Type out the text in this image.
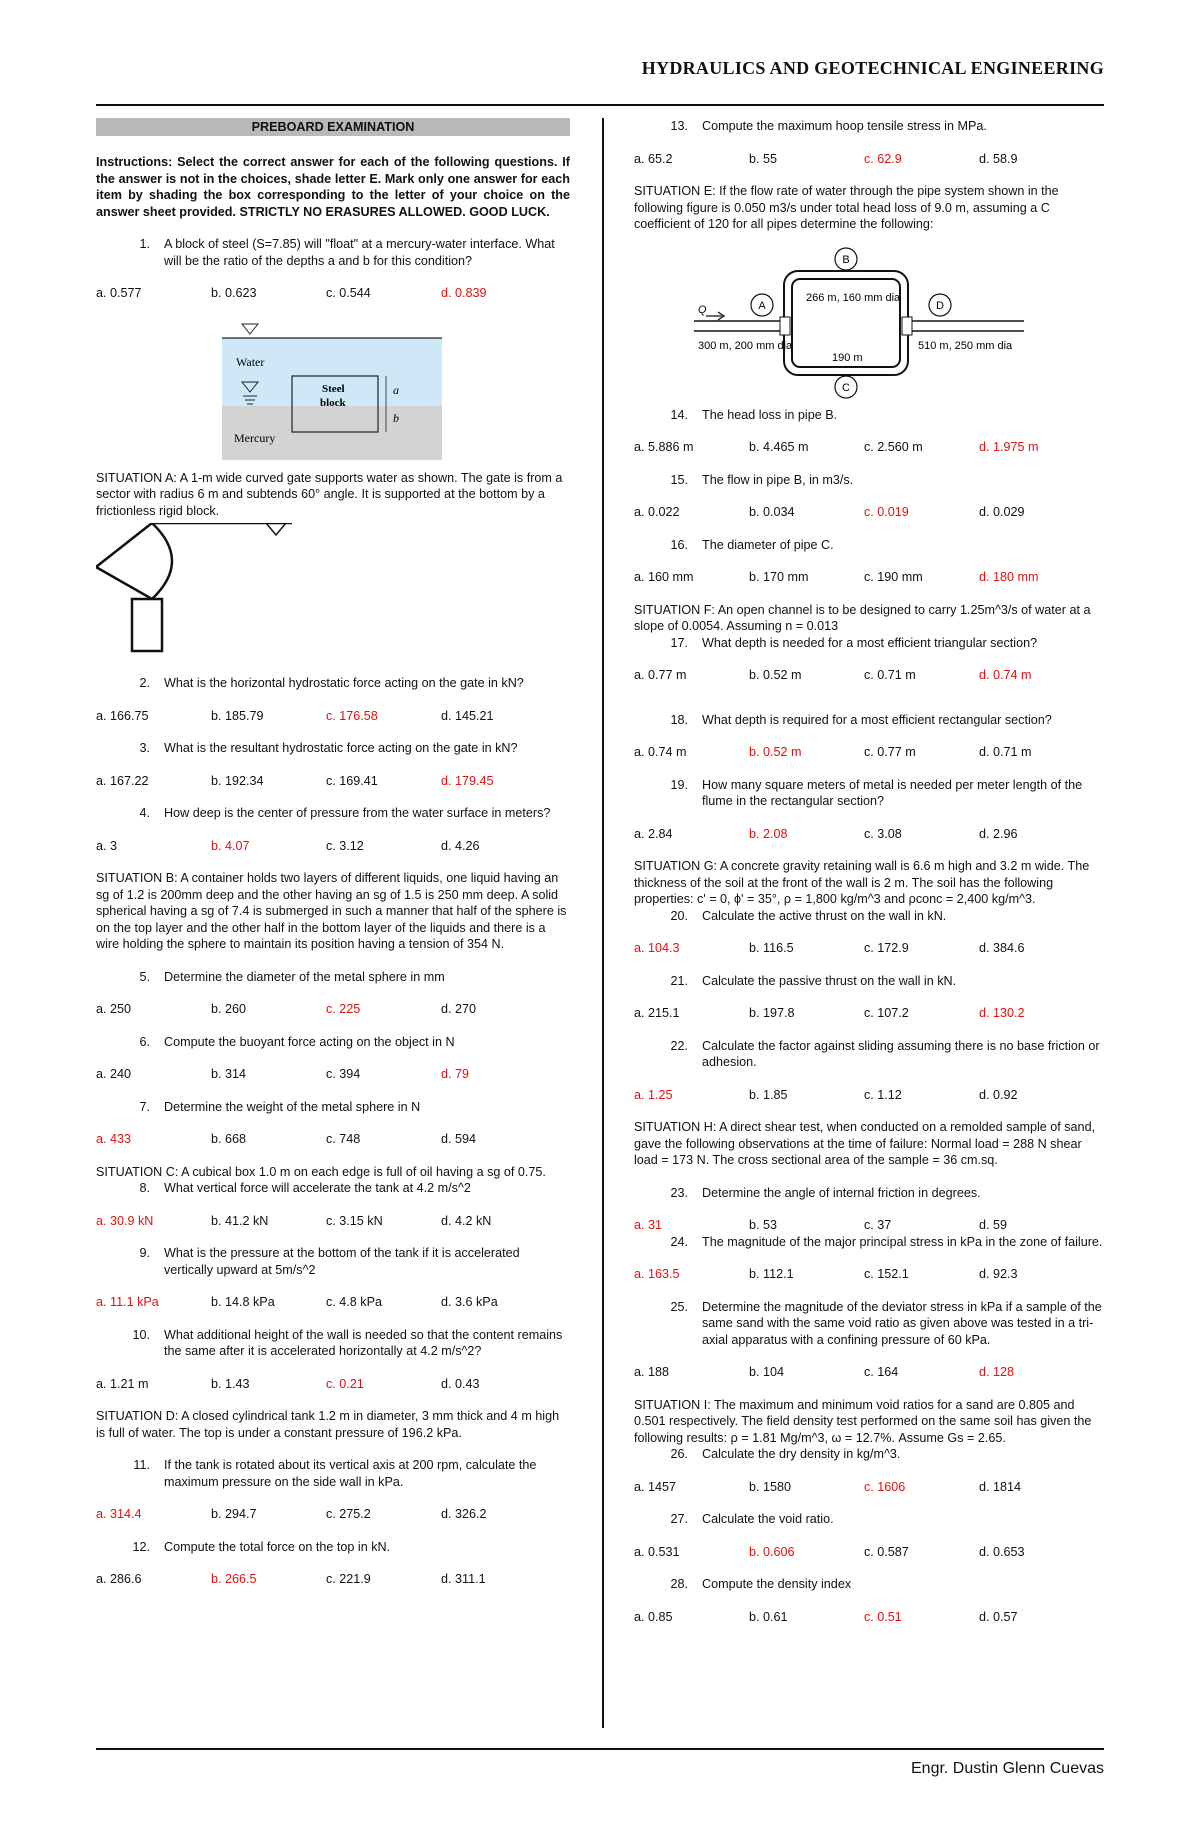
HYDRAULICS AND GEOTECHNICAL ENGINEERING
PREBOARD EXAMINATION

Instructions: Select the correct answer for each of the following questions. If the answer is not in the choices, shade letter E. Mark only one answer for each item by shading the box corresponding to the letter of your choice on the answer sheet provided. STRICTLY NO ERASURES ALLOWED. GOOD LUCK.

1.	A block of steel (S=7.85) will "float" at a mercury-water interface. What will be the ratio of the depths a and b for this condition?
a. 0.577	b. 0.623	c. 0.544	d. 0.839
Water
Steel
block
a
b
Mercury

SITUATION A: A 1-m wide curved gate supports water as shown. The gate is from a sector with radius 6 m and subtends 60° angle. It is supported at the bottom by a frictionless rigid block.

2.	What is the horizontal hydrostatic force acting on the gate in kN?
a. 166.75	b. 185.79	c. 176.58	d. 145.21
3.	What is the resultant hydrostatic force acting on the gate in kN?
a. 167.22	b. 192.34	c. 169.41	d. 179.45
4.	How deep is the center of pressure from the water surface in meters?
a. 3	b. 4.07	c. 3.12	d. 4.26

SITUATION B: A container holds two layers of different liquids, one liquid having an sg of 1.2 is 200mm deep and the other having an sg of 1.5 is 250 mm deep. A solid spherical having a sg of 7.4 is submerged in such a manner that half of the sphere is on the top layer and the other half in the bottom layer of the liquids and there is a wire holding the sphere to maintain its position having a tension of 354 N.

5.	Determine the diameter of the metal sphere in mm
a. 250	b. 260	c. 225	d. 270
6.	Compute the buoyant force acting on the object in N
a. 240	b. 314	c. 394	d. 79
7.	Determine the weight of the metal sphere in N
a. 433	b. 668	c. 748	d. 594

SITUATION C: A cubical box 1.0 m on each edge is full of oil having a sg of 0.75.

8.	What vertical force will accelerate the tank at 4.2 m/s^2
a. 30.9 kN	b. 41.2 kN	c. 3.15 kN	d. 4.2 kN
9.	What is the pressure at the bottom of the tank if it is accelerated vertically upward at 5m/s^2
a. 11.1 kPa	b. 14.8 kPa	c. 4.8 kPa	d. 3.6 kPa
10.	What additional height of the wall is needed so that the content remains the same after it is accelerated horizontally at 4.2 m/s^2?
a. 1.21 m	b. 1.43	c. 0.21	d. 0.43

SITUATION D: A closed cylindrical tank 1.2 m in diameter, 3 mm thick and 4 m high is full of water. The top is under a constant pressure of 196.2 kPa.

11.	If the tank is rotated about its vertical axis at 200 rpm, calculate the maximum pressure on the side wall in kPa.
a. 314.4	b. 294.7	c. 275.2	d. 326.2
12.	Compute the total force on the top in kN.
a. 286.6	b. 266.5	c. 221.9	d. 311.1
13.	Compute the maximum hoop tensile stress in MPa.
a. 65.2	b. 55	c. 62.9	d. 58.9

SITUATION E: If the flow rate of water through the pipe system shown in the following figure is 0.050 m3/s under total head loss of 9.0 m, assuming a C coefficient of 120 for all pipes determine the following:

B
A	D
C
Q
266 m, 160 mm dia
300 m, 200 mm dia
190 m
510 m, 250 mm dia
14.	The head loss in pipe B.
a. 5.886 m	b. 4.465 m	c. 2.560 m	d. 1.975 m
15.	The flow in pipe B, in m3/s.
a. 0.022	b. 0.034	c. 0.019	d. 0.029
16.	The diameter of pipe C.
a. 160 mm	b. 170 mm	c. 190 mm	d. 180 mm

SITUATION F: An open channel is to be designed to carry 1.25m^3/s of water at a slope of 0.0054. Assuming n = 0.013

17.	What depth is needed for a most efficient triangular section?
a. 0.77 m	b. 0.52 m	c. 0.71 m	d. 0.74 m
18.	What depth is required for a most efficient rectangular section?
a. 0.74 m	b. 0.52 m	c. 0.77 m	d. 0.71 m
19.	How many square meters of metal is needed per meter length of the flume in the rectangular section?
a. 2.84	b. 2.08	c. 3.08	d. 2.96

SITUATION G: A concrete gravity retaining wall is 6.6 m high and 3.2 m wide. The thickness of the soil at the front of the wall is 2 m. The soil has the following properties: c' = 0, ϕ' = 35°, ρ = 1,800 kg/m^3 and ρconc = 2,400 kg/m^3.

20.	Calculate the active thrust on the wall in kN.
a. 104.3	b. 116.5	c. 172.9	d. 384.6
21.	Calculate the passive thrust on the wall in kN.
a. 215.1	b. 197.8	c. 107.2	d. 130.2
22.	Calculate the factor against sliding assuming there is no base friction or adhesion.
a. 1.25	b. 1.85	c. 1.12	d. 0.92

SITUATION H: A direct shear test, when conducted on a remolded sample of sand, gave the following observations at the time of failure: Normal load = 288 N shear load = 173 N. The cross sectional area of the sample = 36 cm.sq.

23.	Determine the angle of internal friction in degrees.
a. 31	b. 53	c. 37	d. 59
24.	The magnitude of the major principal stress in kPa in the zone of failure.
a. 163.5	b. 112.1	c. 152.1	d. 92.3
25.	Determine the magnitude of the deviator stress in kPa if a sample of the same sand with the same void ratio as given above was tested in a tri-axial apparatus with a confining pressure of 60 kPa.
a. 188	b. 104	c. 164	d. 128

SITUATION I: The maximum and minimum void ratios for a sand are 0.805 and 0.501 respectively. The field density test performed on the same soil has given the following results: ρ = 1.81 Mg/m^3, ω = 12.7%. Assume Gs = 2.65.

26.	Calculate the dry density in kg/m^3.
a. 1457	b. 1580	c. 1606	d. 1814
27.	Calculate the void ratio.
a. 0.531	b. 0.606	c. 0.587	d. 0.653
28.	Compute the density index
a. 0.85	b. 0.61	c. 0.51	d. 0.57
Engr. Dustin Glenn Cuevas
